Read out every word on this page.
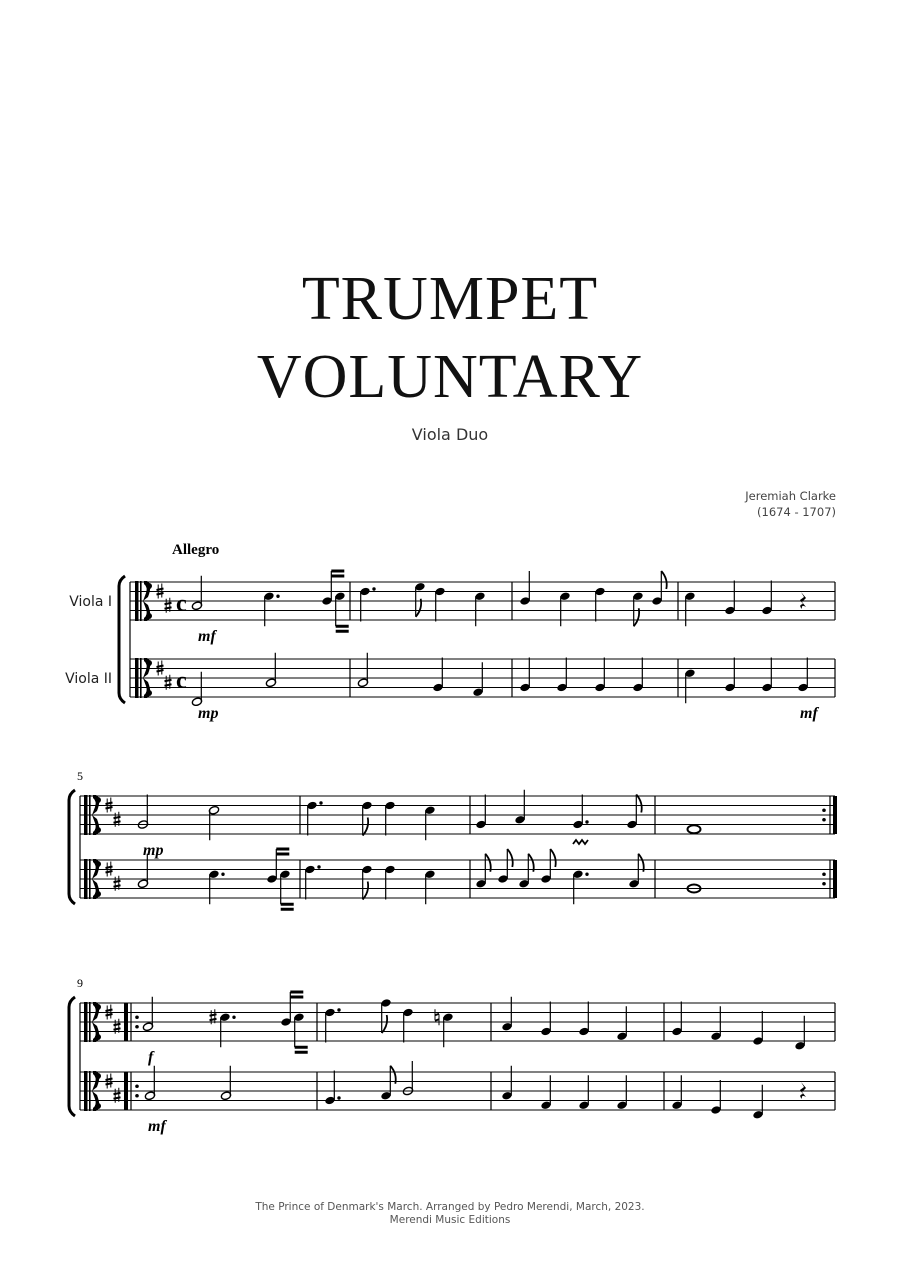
TRUMPET
VOLUNTARY
Viola Duo
Jeremiah Clarke
(1674 - 1707)
c
c
Viola I
Viola II
Allegro
mf
mp	mf
5
mp
9
f
mf
The Prince of Denmark's March. Arranged by Pedro Merendi, March, 2023.
Merendi Music Editions
